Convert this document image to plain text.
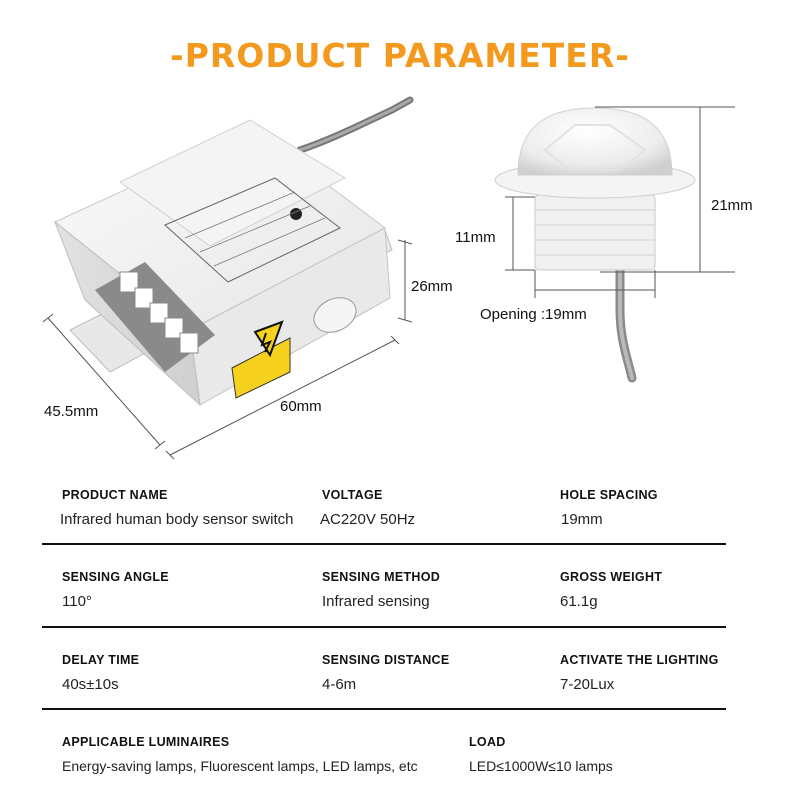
-PRODUCT PARAMETER-
26mm
45.5mm	60mm
21mm
11mm
Opening :19mm
PRODUCT NAME
Infrared human body sensor switch
VOLTAGE
AC220V 50Hz
HOLE SPACING
19mm
SENSING ANGLE
110°
SENSING METHOD
Infrared sensing
GROSS WEIGHT
61.1g
DELAY TIME
40s±10s
SENSING DISTANCE
4-6m
ACTIVATE THE LIGHTING
7-20Lux
APPLICABLE LUMINAIRES
Energy-saving lamps, Fluorescent lamps, LED lamps, etc
LOAD
LED≤1000W≤10 lamps
